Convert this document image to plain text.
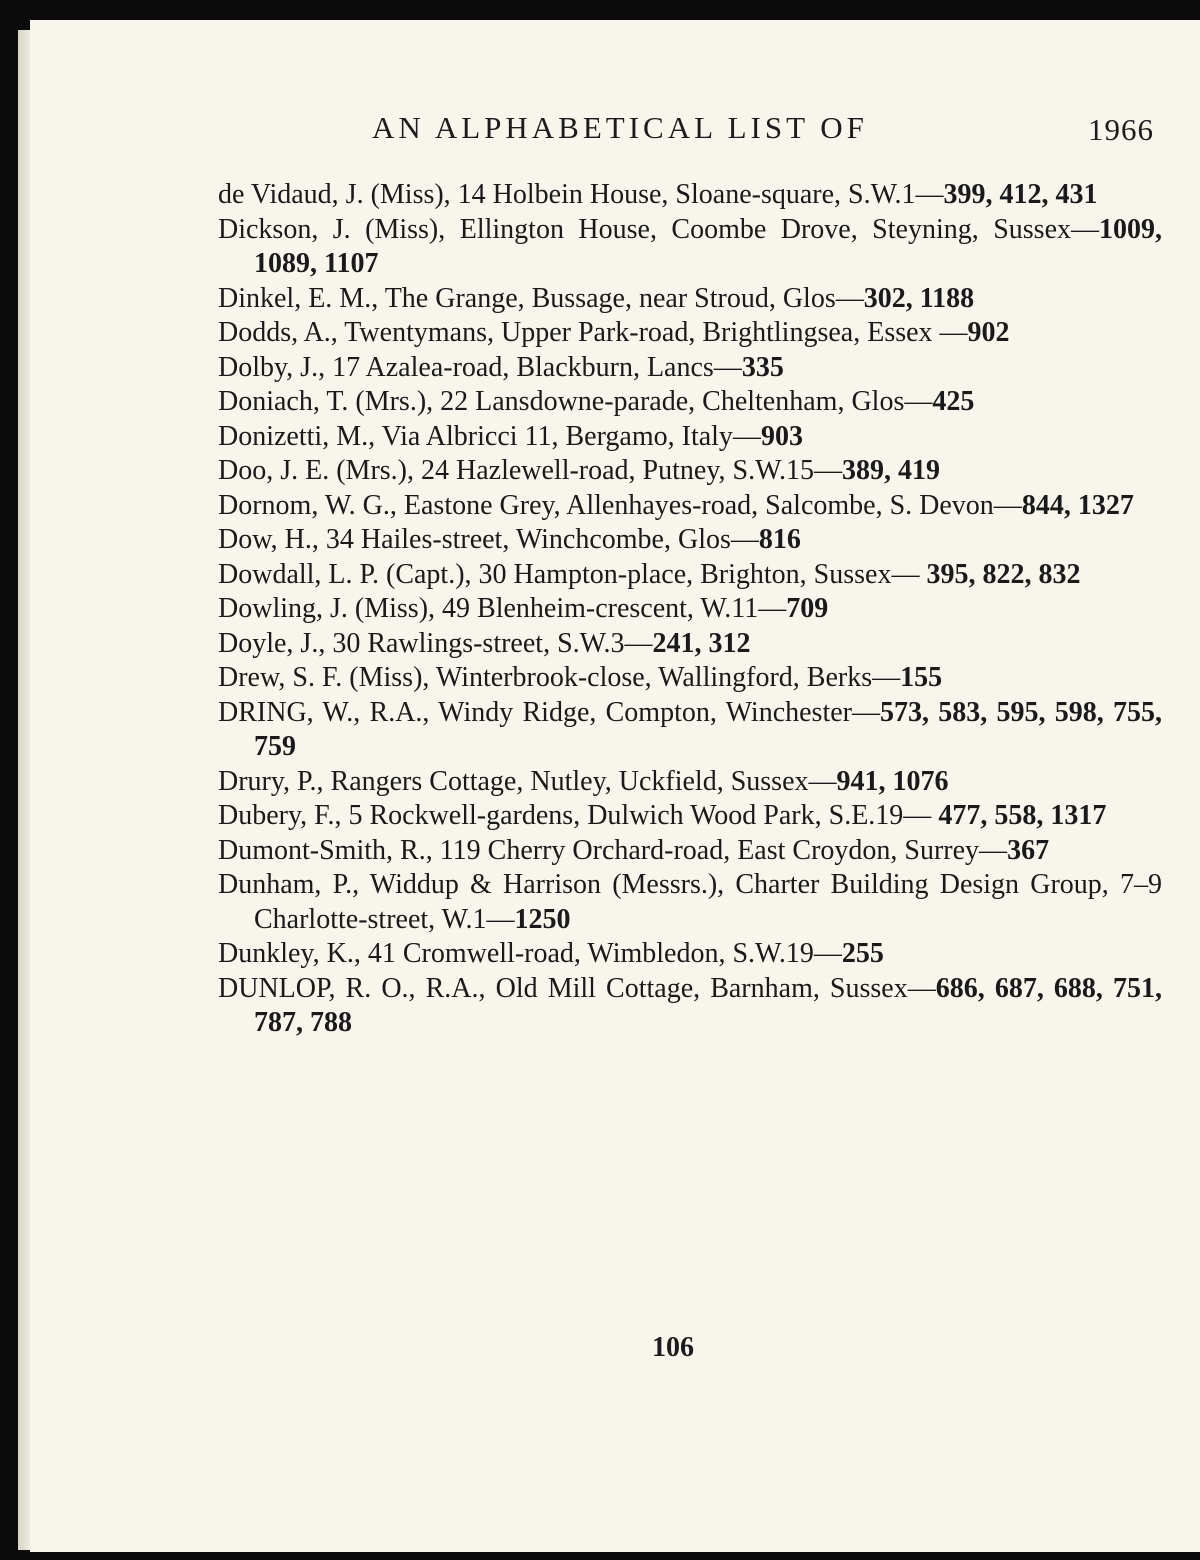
AN ALPHABETICAL LIST OF	1966
de Vidaud, J. (Miss), 14 Holbein House, Sloane-square, S.W.1—399, 412, 431
Dickson, J. (Miss), Ellington House, Coombe Drove, Steyning, Sussex—1009, 1089, 1107
Dinkel, E. M., The Grange, Bussage, near Stroud, Glos—302, 1188
Dodds, A., Twentymans, Upper Park-road, Brightlingsea, Essex —902
Dolby, J., 17 Azalea-road, Blackburn, Lancs—335
Doniach, T. (Mrs.), 22 Lansdowne-parade, Cheltenham, Glos—425
Donizetti, M., Via Albricci 11, Bergamo, Italy—903
Doo, J. E. (Mrs.), 24 Hazlewell-road, Putney, S.W.15—389, 419
Dornom, W. G., Eastone Grey, Allenhayes-road, Salcombe, S. Devon—844, 1327
Dow, H., 34 Hailes-street, Winchcombe, Glos—816
Dowdall, L. P. (Capt.), 30 Hampton-place, Brighton, Sussex— 395, 822, 832
Dowling, J. (Miss), 49 Blenheim-crescent, W.11—709
Doyle, J., 30 Rawlings-street, S.W.3—241, 312
Drew, S. F. (Miss), Winterbrook-close, Wallingford, Berks—155
DRING, W., R.A., Windy Ridge, Compton, Winchester—573, 583, 595, 598, 755, 759
Drury, P., Rangers Cottage, Nutley, Uckfield, Sussex—941, 1076
Dubery, F., 5 Rockwell-gardens, Dulwich Wood Park, S.E.19— 477, 558, 1317
Dumont-Smith, R., 119 Cherry Orchard-road, East Croydon, Surrey—367
Dunham, P., Widdup & Harrison (Messrs.), Charter Building Design Group, 7–9 Charlotte-street, W.1—1250
Dunkley, K., 41 Cromwell-road, Wimbledon, S.W.19—255
DUNLOP, R. O., R.A., Old Mill Cottage, Barnham, Sussex—686, 687, 688, 751, 787, 788
106
